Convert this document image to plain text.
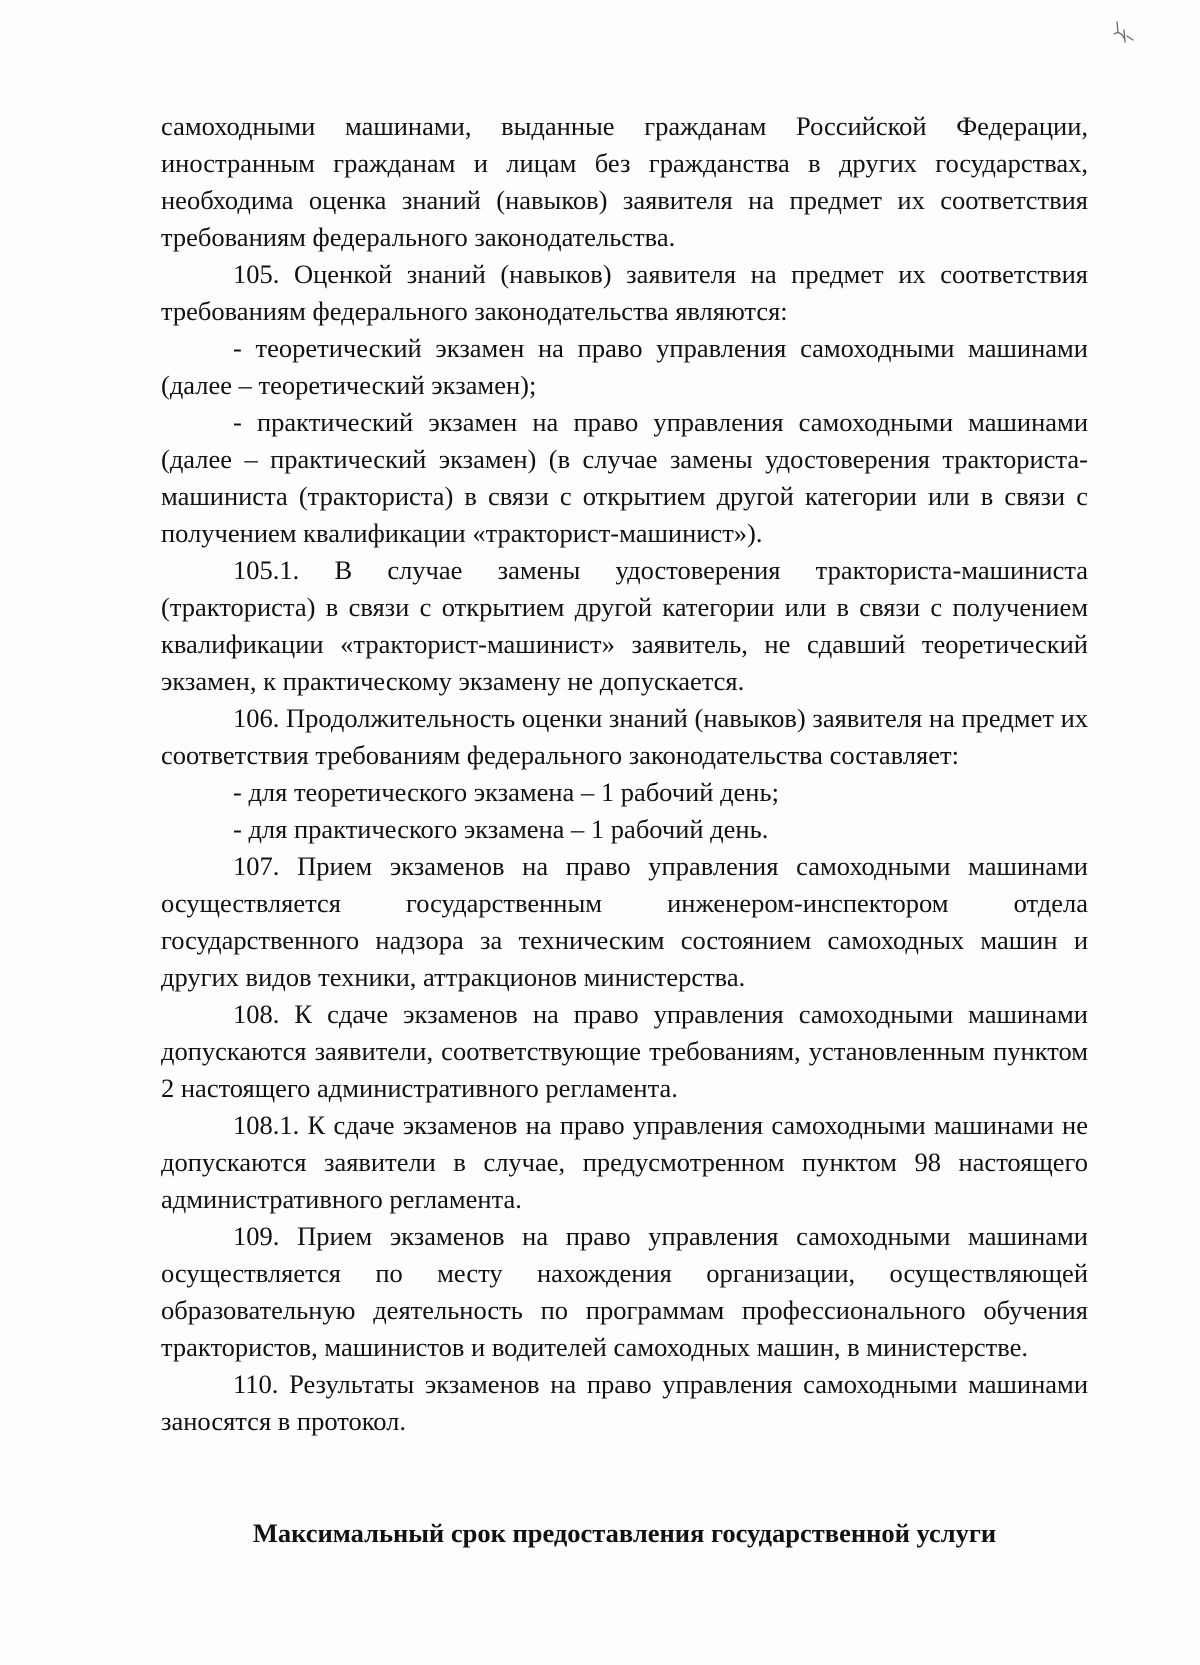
самоходными машинами, выданные гражданам Российской Федерации, иностранным гражданам и лицам без гражданства в других государствах, необходима оценка знаний (навыков) заявителя на предмет их соответствия требованиям федерального законодательства.

105. Оценкой знаний (навыков) заявителя на предмет их соответствия требованиям федерального законодательства являются:

- теоретический экзамен на право управления самоходными машинами (далее – теоретический экзамен);

- практический экзамен на право управления самоходными машинами (далее – практический экзамен) (в случае замены удостоверения тракториста-машиниста (тракториста) в связи с открытием другой категории или в связи с получением квалификации «тракторист-машинист»).

105.1. В случае замены удостоверения тракториста-машиниста (тракториста) в связи с открытием другой категории или в связи с получением квалификации «тракторист-машинист» заявитель, не сдавший теоретический экзамен, к практическому экзамену не допускается.

106. Продолжительность оценки знаний (навыков) заявителя на предмет их соответствия требованиям федерального законодательства составляет:

- для теоретического экзамена – 1 рабочий день;

- для практического экзамена – 1 рабочий день.

107. Прием экзаменов на право управления самоходными машинами осуществляется государственным инженером-инспектором отдела государственного надзора за техническим состоянием самоходных машин и других видов техники, аттракционов министерства.

108. К сдаче экзаменов на право управления самоходными машинами допускаются заявители, соответствующие требованиям, установленным пунктом 2 настоящего административного регламента.

108.1. К сдаче экзаменов на право управления самоходными машинами не допускаются заявители в случае, предусмотренном пунктом 98 настоящего административного регламента.

109. Прием экзаменов на право управления самоходными машинами осуществляется по месту нахождения организации, осуществляющей образовательную деятельность по программам профессионального обучения трактористов, машинистов и водителей самоходных машин, в министерстве.

110. Результаты экзаменов на право управления самоходными машинами заносятся в протокол.

Максимальный срок предоставления государственной услуги
